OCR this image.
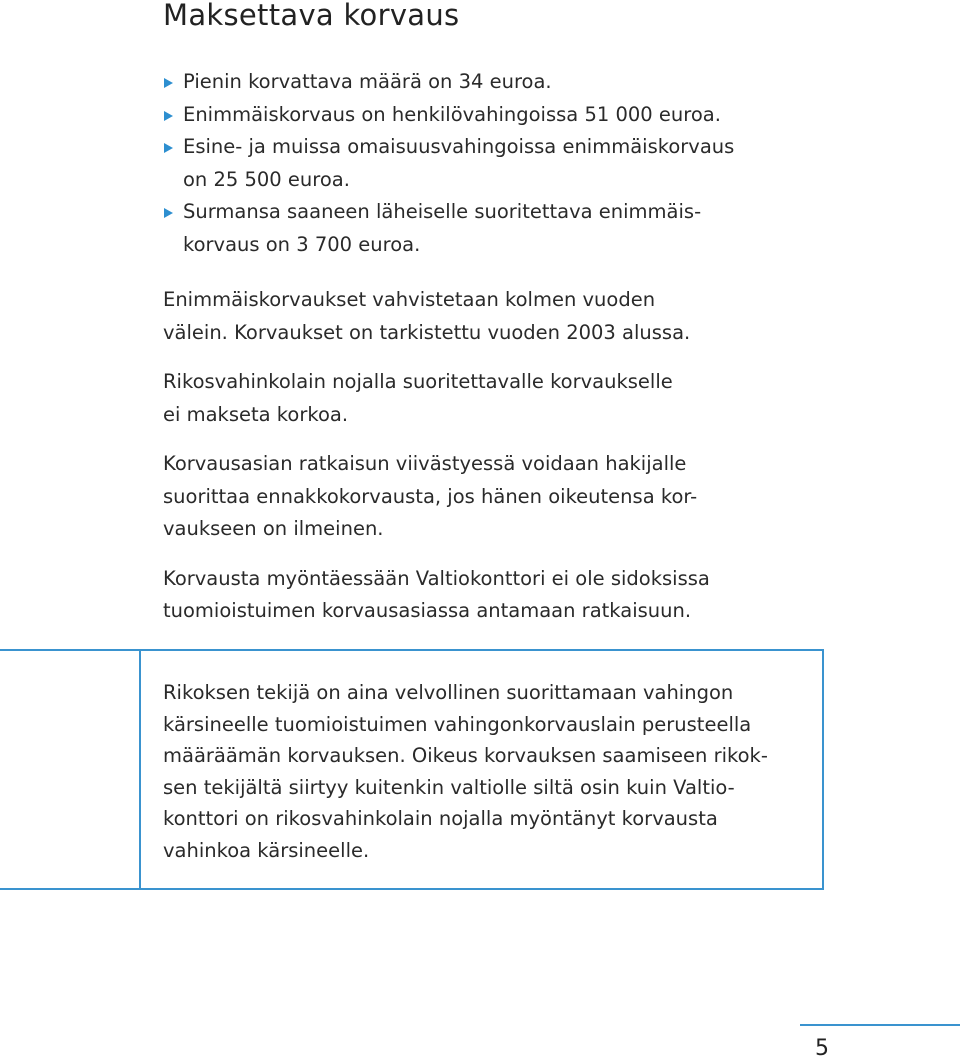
Maksettava korvaus
Pienin korvattava määrä on 34 euroa.
Enimmäiskorvaus on henkilövahingoissa 51 000 euroa.
Esine- ja muissa omaisuusvahingoissa enimmäiskorvaus
on 25 500 euroa.
Surmansa saaneen läheiselle suoritettava enimmäis-
korvaus on 3 700 euroa.

Enimmäiskorvaukset vahvistetaan kolmen vuoden
välein. Korvaukset on tarkistettu vuoden 2003 alussa.

Rikosvahinkolain nojalla suoritettavalle korvaukselle
ei makseta korkoa.

Korvausasian ratkaisun viivästyessä voidaan hakijalle
suorittaa ennakkokorvausta, jos hänen oikeutensa kor-
vaukseen on ilmeinen.

Korvausta myöntäessään Valtiokonttori ei ole sidoksissa
tuomioistuimen korvausasiassa antamaan ratkaisuun.

Rikoksen tekijä on aina velvollinen suorittamaan vahingon
kärsineelle tuomioistuimen vahingonkorvauslain perusteella
määräämän korvauksen. Oikeus korvauksen saamiseen rikok-
sen tekijältä siirtyy kuitenkin valtiolle siltä osin kuin Valtio-
konttori on rikosvahinkolain nojalla myöntänyt korvausta
vahinkoa kärsineelle.
5
